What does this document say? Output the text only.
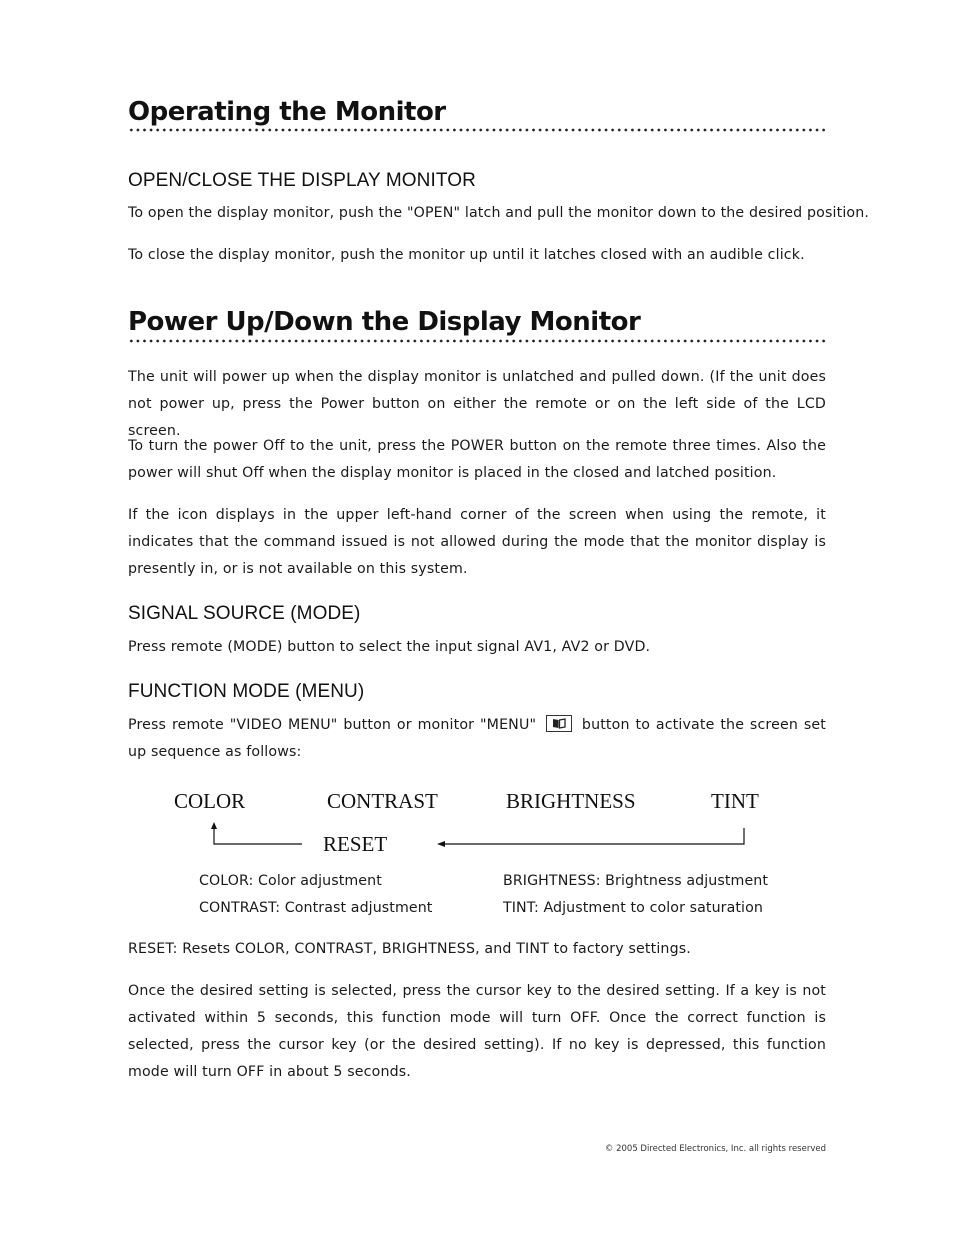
Operating the Monitor
OPEN/CLOSE THE DISPLAY MONITOR
To open the display monitor, push the "OPEN" latch and pull the monitor down to the desired position.
To close the display monitor, push the monitor up until it latches closed with an audible click.
Power Up/Down the Display Monitor
The unit will power up when the display monitor is unlatched and pulled down. (If the unit does not power up, press the Power button on either the remote or on the left side of the LCD screen.
To turn the power Off to the unit, press the POWER button on the remote three times. Also the power will shut Off when the display monitor is placed in the closed and latched position.
If the icon displays in the upper left-hand corner of the screen when using the remote, it indicates that the command issued is not allowed during the mode that the monitor display is presently in, or is not available on this system.
SIGNAL SOURCE (MODE)
Press remote (MODE) button to select the input signal AV1, AV2 or DVD.
FUNCTION MODE (MENU)
Press remote "VIDEO MENU" button or monitor "MENU"	button to activate the screen set up sequence as follows:
COLOR	CONTRAST	BRIGHTNESS	TINT
RESET
COLOR: Color adjustment
CONTRAST: Contrast adjustment
BRIGHTNESS: Brightness adjustment
TINT: Adjustment to color saturation
RESET: Resets COLOR, CONTRAST, BRIGHTNESS, and TINT to factory settings.
Once the desired setting is selected, press the cursor key to the desired setting. If a key is not activated within 5 seconds, this function mode will turn OFF. Once the correct function is selected, press the cursor key (or the desired setting). If no key is depressed, this function mode will turn OFF in about 5 seconds.
© 2005 Directed Electronics, Inc. all rights reserved
